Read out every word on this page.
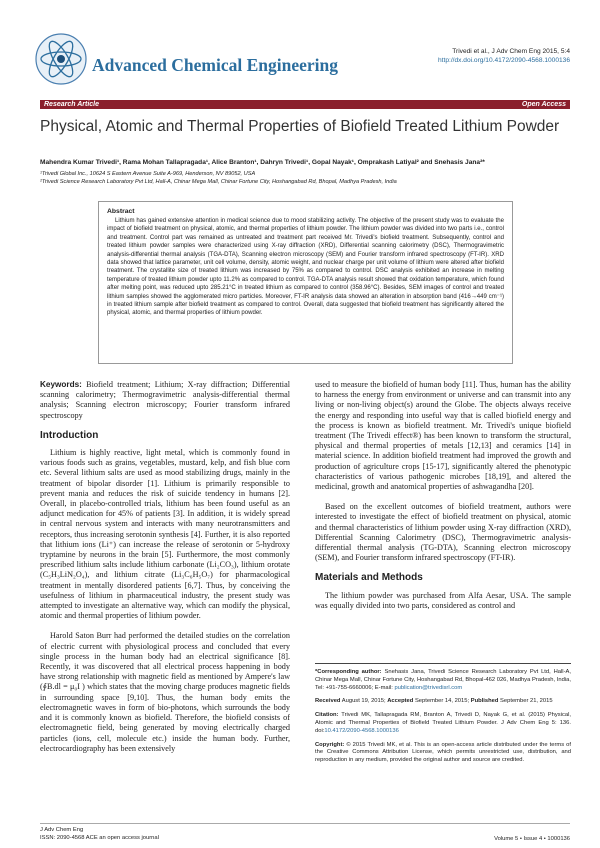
Advanced Chemical Engineering
Trivedi et al., J Adv Chem Eng 2015, 5:4
http://dx.doi.org/10.4172/2090-4568.1000136
Research Article	Open Access
Physical, Atomic and Thermal Properties of Biofield Treated Lithium Powder
Mahendra Kumar Trivedi¹, Rama Mohan Tallapragada¹, Alice Branton¹, Dahryn Trivedi¹, Gopal Nayak¹, Omprakash Latiyal² and Snehasis Jana²*
¹Trivedi Global Inc., 10624 S Eastern Avenue Suite A-969, Henderson, NV 89052, USA
²Trivedi Science Research Laboratory Pvt Ltd, Hall-A, Chinar Mega Mall, Chinar Fortune City, Hoshangabad Rd, Bhopal, Madhya Pradesh, India
Abstract

Lithium has gained extensive attention in medical science due to mood stabilizing activity. The objective of the present study was to evaluate the impact of biofield treatment on physical, atomic, and thermal properties of lithium powder. The lithium powder was divided into two parts i.e., control and treatment. Control part was remained as untreated and treatment part received Mr. Trivedi's biofield treatment. Subsequently, control and treated lithium powder samples were characterized using X-ray diffraction (XRD), Differential scanning calorimetry (DSC), Thermogravimetric analysis-differential thermal analysis (TGA-DTA), Scanning electron microscopy (SEM) and Fourier transform infrared spectroscopy (FT-IR). XRD data showed that lattice parameter, unit cell volume, density, atomic weight, and nuclear charge per unit volume of lithium were altered after biofield treatment. The crystallite size of treated lithium was increased by 75% as compared to control. DSC analysis exhibited an increase in melting temperature of treated lithium powder upto 11.2% as compared to control. TGA-DTA analysis result showed that oxidation temperature, which found after melting point, was reduced upto 285.21°C in treated lithium as compared to control (358.96°C). Besides, SEM images of control and treated lithium samples showed the agglomerated micro particles. Moreover, FT-IR analysis data showed an alteration in absorption band (416→449 cm⁻¹) in treated lithium sample after biofield treatment as compared to control. Overall, data suggested that biofield treatment has significantly altered the physical, atomic, and thermal properties of lithium powder.

Keywords: Biofield treatment; Lithium; X-ray diffraction; Differential scanning calorimetry; Thermogravimetric analysis-differential thermal analysis; Scanning electron microscopy; Fourier transform infrared spectroscopy

Introduction

Lithium is highly reactive, light metal, which is commonly found in various foods such as grains, vegetables, mustard, kelp, and fish blue corn etc. Several lithium salts are used as mood stabilizing drugs, mainly in the treatment of bipolar disorder [1]. Lithium is primarily responsible to prevent mania and reduces the risk of suicide tendency in humans [2]. Overall, in placebo-controlled trials, lithium has been found useful as an adjunct medication for 45% of patients [3]. In addition, it is widely spread in central nervous system and interacts with many neurotransmitters and receptors, thus increasing serotonin synthesis [4]. Further, it is also reported that lithium ions (Li⁺) can increase the release of serotonin or 5-hydroxy tryptamine by neurons in the brain [5]. Furthermore, the most commonly prescribed lithium salts include lithium carbonate (Li₂CO₃), lithium orotate (C₅H₃LiN₂O₄), and lithium citrate (Li₃C₆H₅O₇) for pharmacological treatment in mentally disordered patients [6,7]. Thus, by conceiving the usefulness of lithium in pharmaceutical industry, the present study was attempted to investigate an alternative way, which can modify the physical, atomic and thermal properties of lithium powder.

Harold Saton Burr had performed the detailed studies on the correlation of electric current with physiological process and concluded that every single process in the human body had an electrical significance [8]. Recently, it was discovered that all electrical process happening in body have strong relationship with magnetic field as mentioned by Ampere's law (∮B.dl = μ₀I ) which states that the moving charge produces magnetic fields in surrounding space [9,10]. Thus, the human body emits the electromagnetic waves in form of bio-photons, which surrounds the body and it is commonly known as biofield. Therefore, the biofield consists of electromagnetic field, being generated by moving electrically charged particles (ions, cell, molecule etc.) inside the human body. Further, electrocardiography has been extensively

used to measure the biofield of human body [11]. Thus, human has the ability to harness the energy from environment or universe and can transmit into any living or non-living object(s) around the Globe. The objects always receive the energy and responding into useful way that is called biofield energy and the process is known as biofield treatment. Mr. Trivedi's unique biofield treatment (The Trivedi effect®) has been known to transform the structural, physical and thermal properties of metals [12,13] and ceramics [14] in material science. In addition biofield treatment had improved the growth and production of agriculture crops [15-17], significantly altered the phenotypic characteristics of various pathogenic microbes [18,19], and altered the medicinal, growth and anatomical properties of ashwagandha [20].

Based on the excellent outcomes of biofield treatment, authors were interested to investigate the effect of biofield treatment on physical, atomic and thermal characteristics of lithium powder using X-ray diffraction (XRD), Differential Scanning Calorimetry (DSC), Thermogravimetric analysis-differential thermal analysis (TG-DTA), Scanning electron microscopy (SEM), and Fourier transform infrared spectroscopy (FT-IR).

Materials and Methods

The lithium powder was purchased from Alfa Aesar, USA. The sample was equally divided into two parts, considered as control and

*Corresponding author: Snehasis Jana, Trivedi Science Research Laboratory Pvt Ltd, Hall-A, Chinar Mega Mall, Chinar Fortune City, Hoshangabad Rd, Bhopal-462 026, Madhya Pradesh, India, Tel: +91-755-6660006; E-mail: publication@trivedisrl.com

Received August 19, 2015; Accepted September 14, 2015; Published September 21, 2015

Citation: Trivedi MK, Tallapragada RM, Branton A, Trivedi D, Nayak G, et al. (2015) Physical, Atomic and Thermal Properties of Biofield Treated Lithium Powder. J Adv Chem Eng 5: 136. doi:10.4172/2090-4568.1000136

Copyright: © 2015 Trivedi MK, et al. This is an open-access article distributed under the terms of the Creative Commons Attribution License, which permits unrestricted use, distribution, and reproduction in any medium, provided the original author and source are credited.

J Adv Chem Eng
ISSN: 2090-4568 ACE an open access journal	Volume 5 • Issue 4 • 1000136
